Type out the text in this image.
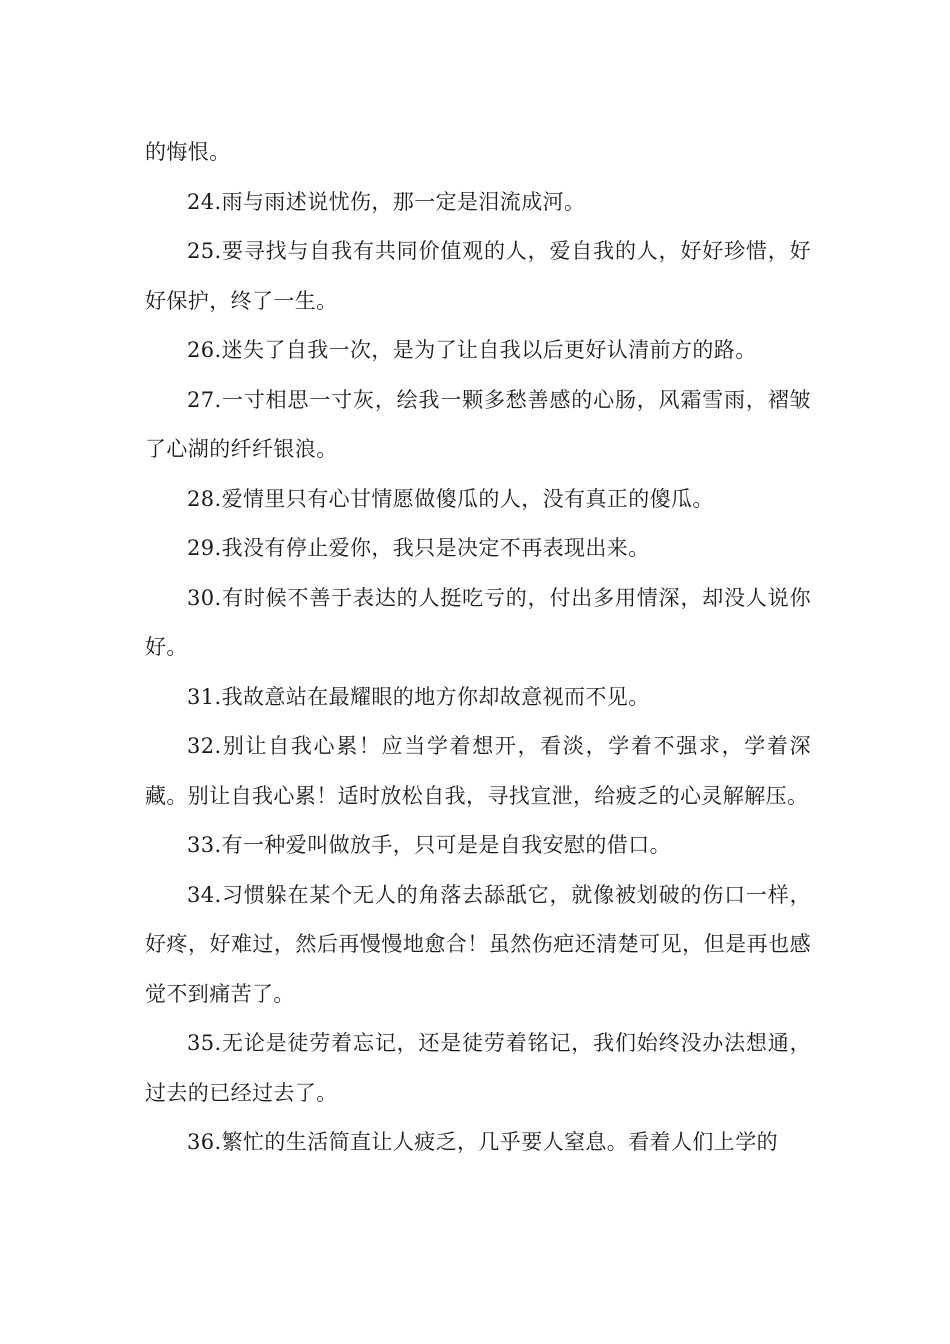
的悔恨。

24.雨与雨述说忧伤，那一定是泪流成河。

25.要寻找与自我有共同价值观的人，爱自我的人，好好珍惜，好好保护，终了一生。

26.迷失了自我一次，是为了让自我以后更好认清前方的路。

27.一寸相思一寸灰，绘我一颗多愁善感的心肠，风霜雪雨，褶皱了心湖的纤纤银浪。

28.爱情里只有心甘情愿做傻瓜的人，没有真正的傻瓜。

29.我没有停止爱你，我只是决定不再表现出来。

30.有时候不善于表达的人挺吃亏的，付出多用情深，却没人说你好。

31.我故意站在最耀眼的地方你却故意视而不见。

32.别让自我心累！应当学着想开，看淡，学着不强求，学着深藏。别让自我心累！适时放松自我，寻找宣泄，给疲乏的心灵解解压。

33.有一种爱叫做放手，只可是是自我安慰的借口。

34.习惯躲在某个无人的角落去舔舐它，就像被划破的伤口一样，好疼，好难过，然后再慢慢地愈合！虽然伤疤还清楚可见，但是再也感觉不到痛苦了。

35.无论是徒劳着忘记，还是徒劳着铭记，我们始终没办法想通，过去的已经过去了。

36.繁忙的生活简直让人疲乏，几乎要人窒息。看着人们上学的
